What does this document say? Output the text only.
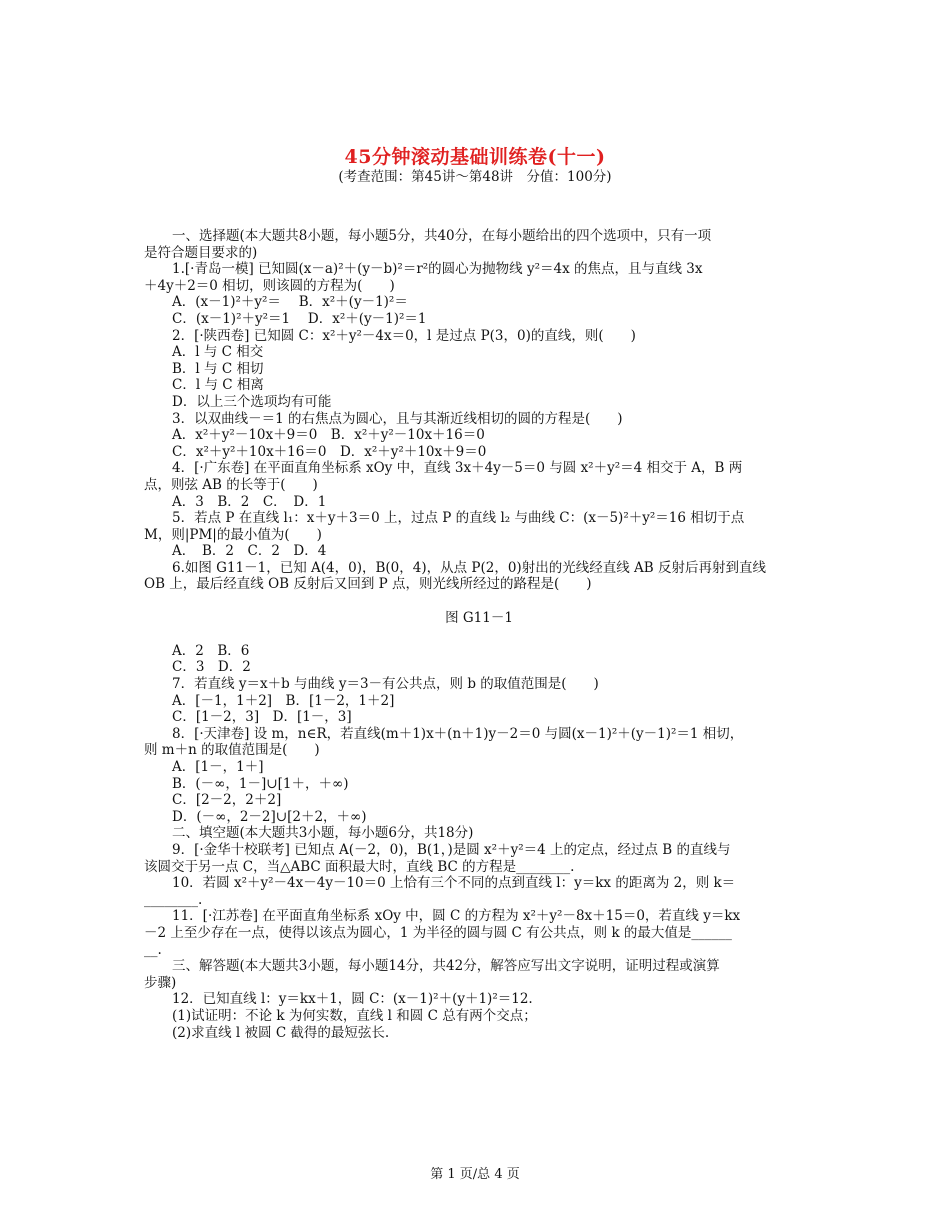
45分钟滚动基础训练卷(十一)
(考查范围：第45讲～第48讲　分值：100分)
一、选择题(本大题共8小题，每小题5分，共40分，在每小题给出的四个选项中，只有一项
是符合题目要求的)
1.[·青岛一模] 已知圆(x－a)²＋(y－b)²＝r²的圆心为抛物线 y²＝4x 的焦点，且与直线 3x
＋4y＋2＝0 相切，则该圆的方程为(　　)
A．(x－1)²＋y²＝　 B．x²＋(y－1)²＝
C．(x－1)²＋y²＝1　 D．x²＋(y－1)²＝1
2．[·陕西卷] 已知圆 C：x²＋y²－4x＝0，l 是过点 P(3，0)的直线，则(　　)
A．l 与 C 相交
B．l 与 C 相切
C．l 与 C 相离
D．以上三个选项均有可能
3．以双曲线－＝1 的右焦点为圆心，且与其渐近线相切的圆的方程是(　　)
A．x²＋y²－10x＋9＝0　B．x²＋y²－10x＋16＝0
C．x²＋y²＋10x＋16＝0　D．x²＋y²＋10x＋9＝0
4．[·广东卷] 在平面直角坐标系 xOy 中，直线 3x＋4y－5＝0 与圆 x²＋y²＝4 相交于 A，B 两
点，则弦 AB 的长等于(　　)
A．3　B．2　C．　D．1
5．若点 P 在直线 l₁：x＋y＋3＝0 上，过点 P 的直线 l₂ 与曲线 C：(x－5)²＋y²＝16 相切于点
M，则|PM|的最小值为(　　)
A．　B．2　C．2　D．4
6.如图 G11－1，已知 A(4，0)，B(0，4)，从点 P(2，0)射出的光线经直线 AB 反射后再射到直线
OB 上，最后经直线 OB 反射后又回到 P 点，则光线所经过的路程是(　　)
图 G11－1
A．2　B．6
C．3　D．2
7．若直线 y＝x＋b 与曲线 y＝3－有公共点，则 b 的取值范围是(　　)
A．[－1，1＋2]　B．[1－2，1＋2]
C．[1－2，3]　D．[1－，3]
8．[·天津卷] 设 m，n∈R，若直线(m＋1)x＋(n＋1)y－2＝0 与圆(x－1)²＋(y－1)²＝1 相切，
则 m＋n 的取值范围是(　　)
A．[1－，1＋]
B．(－∞，1－]∪[1＋，＋∞)
C．[2－2，2＋2]
D．(－∞，2－2]∪[2＋2，＋∞)
二、填空题(本大题共3小题，每小题6分，共18分)
9．[·金华十校联考] 已知点 A(－2，0)，B(1，)是圆 x²＋y²＝4 上的定点，经过点 B 的直线与
该圆交于另一点 C，当△ABC 面积最大时，直线 BC 的方程是________.
10．若圆 x²＋y²－4x－4y－10＝0 上恰有三个不同的点到直线 l：y＝kx 的距离为 2，则 k＝
________.
11．[·江苏卷] 在平面直角坐标系 xOy 中，圆 C 的方程为 x²＋y²－8x＋15＝0，若直线 y＝kx
－2 上至少存在一点，使得以该点为圆心，1 为半径的圆与圆 C 有公共点，则 k 的最大值是______
__.
三、解答题(本大题共3小题，每小题14分，共42分，解答应写出文字说明，证明过程或演算
步骤)
12．已知直线 l：y＝kx＋1，圆 C：(x－1)²＋(y＋1)²＝12.
(1)试证明：不论 k 为何实数，直线 l 和圆 C 总有两个交点；
(2)求直线 l 被圆 C 截得的最短弦长.
第 1 页/总 4 页
